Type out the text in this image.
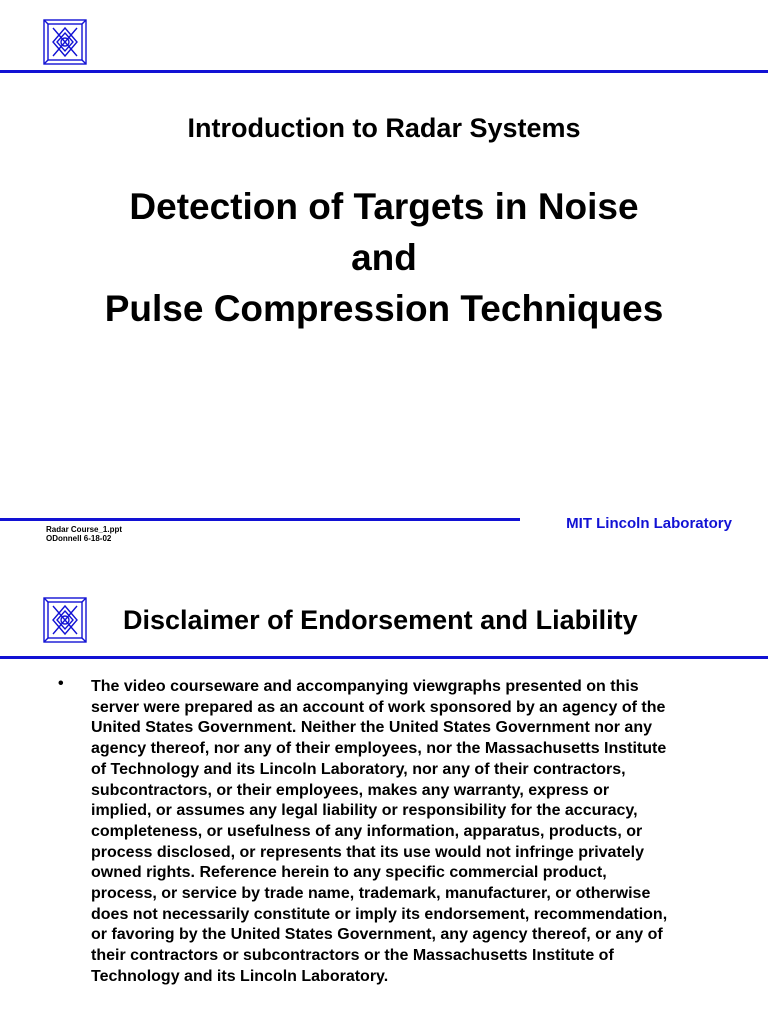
Introduction to Radar Systems
Detection of Targets in Noise
and
Pulse Compression Techniques
MIT Lincoln Laboratory
Radar Course_1.ppt
ODonnell 6-18-02
Disclaimer of Endorsement and Liability
• The video courseware and accompanying viewgraphs presented on this
server were prepared as an account of work sponsored by an agency of the
United States Government. Neither the United States Government nor any
agency thereof, nor any of their employees, nor the Massachusetts Institute
of Technology and its Lincoln Laboratory, nor any of their contractors,
subcontractors, or their employees, makes any warranty, express or
implied, or assumes any legal liability or responsibility for the accuracy,
completeness, or usefulness of any information, apparatus, products, or
process disclosed, or represents that its use would not infringe privately
owned rights. Reference herein to any specific commercial product,
process, or service by trade name, trademark, manufacturer, or otherwise
does not necessarily constitute or imply its endorsement, recommendation,
or favoring by the United States Government, any agency thereof, or any of
their contractors or subcontractors or the Massachusetts Institute of
Technology and its Lincoln Laboratory.
